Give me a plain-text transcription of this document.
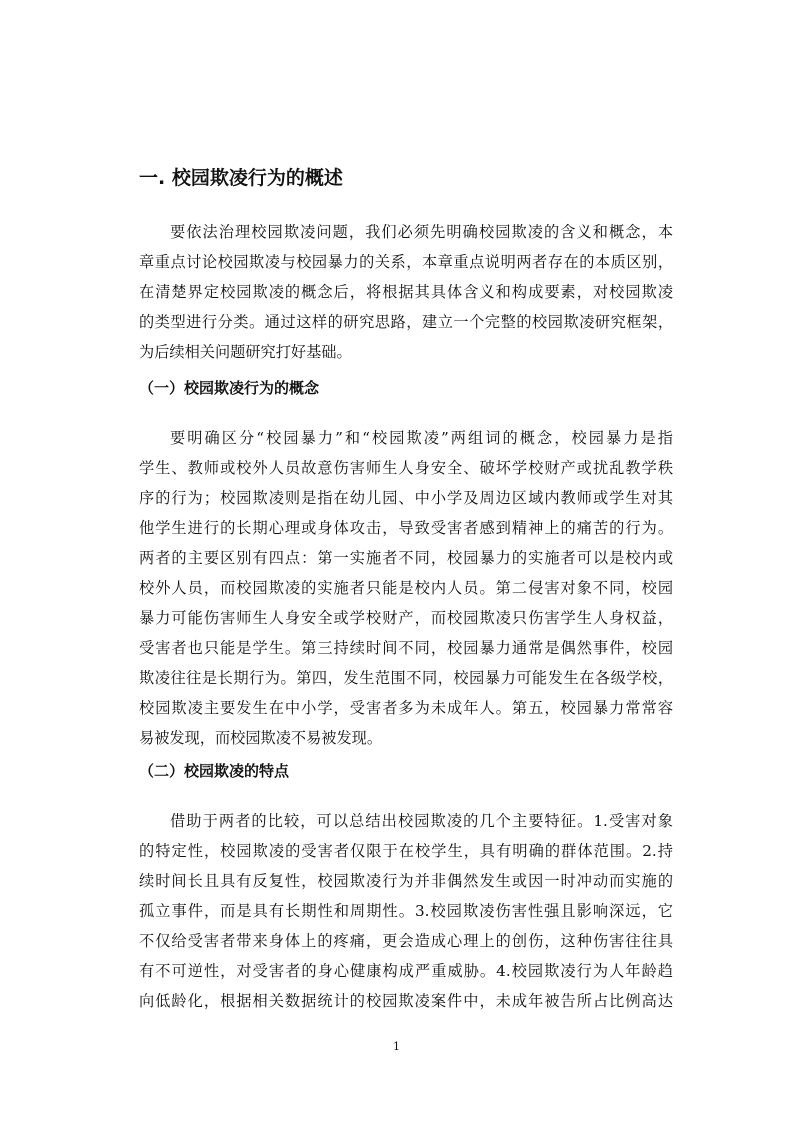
一. 校园欺凌行为的概述
要依法治理校园欺凌问题，我们必须先明确校园欺凌的含义和概念，本
章重点讨论校园欺凌与校园暴力的关系，本章重点说明两者存在的本质区别，
在清楚界定校园欺凌的概念后，将根据其具体含义和构成要素，对校园欺凌
的类型进行分类。通过这样的研究思路，建立一个完整的校园欺凌研究框架，
为后续相关问题研究打好基础。
（一）校园欺凌行为的概念
要明确区分“校园暴力”和“校园欺凌”两组词的概念，校园暴力是指
学生、教师或校外人员故意伤害师生人身安全、破坏学校财产或扰乱教学秩
序的行为；校园欺凌则是指在幼儿园、中小学及周边区域内教师或学生对其
他学生进行的长期心理或身体攻击，导致受害者感到精神上的痛苦的行为。
两者的主要区别有四点：第一实施者不同，校园暴力的实施者可以是校内或
校外人员，而校园欺凌的实施者只能是校内人员。第二侵害对象不同，校园
暴力可能伤害师生人身安全或学校财产，而校园欺凌只伤害学生人身权益，
受害者也只能是学生。第三持续时间不同，校园暴力通常是偶然事件，校园
欺凌往往是长期行为。第四，发生范围不同，校园暴力可能发生在各级学校，
校园欺凌主要发生在中小学，受害者多为未成年人。第五，校园暴力常常容
易被发现，而校园欺凌不易被发现。
（二）校园欺凌的特点
借助于两者的比较，可以总结出校园欺凌的几个主要特征。1.受害对象
的特定性，校园欺凌的受害者仅限于在校学生，具有明确的群体范围。2.持
续时间长且具有反复性，校园欺凌行为并非偶然发生或因一时冲动而实施的
孤立事件，而是具有长期性和周期性。3.校园欺凌伤害性强且影响深远，它
不仅给受害者带来身体上的疼痛，更会造成心理上的创伤，这种伤害往往具
有不可逆性，对受害者的身心健康构成严重威胁。4.校园欺凌行为人年龄趋
向低龄化，根据相关数据统计的校园欺凌案件中，未成年被告所占比例高达
1
